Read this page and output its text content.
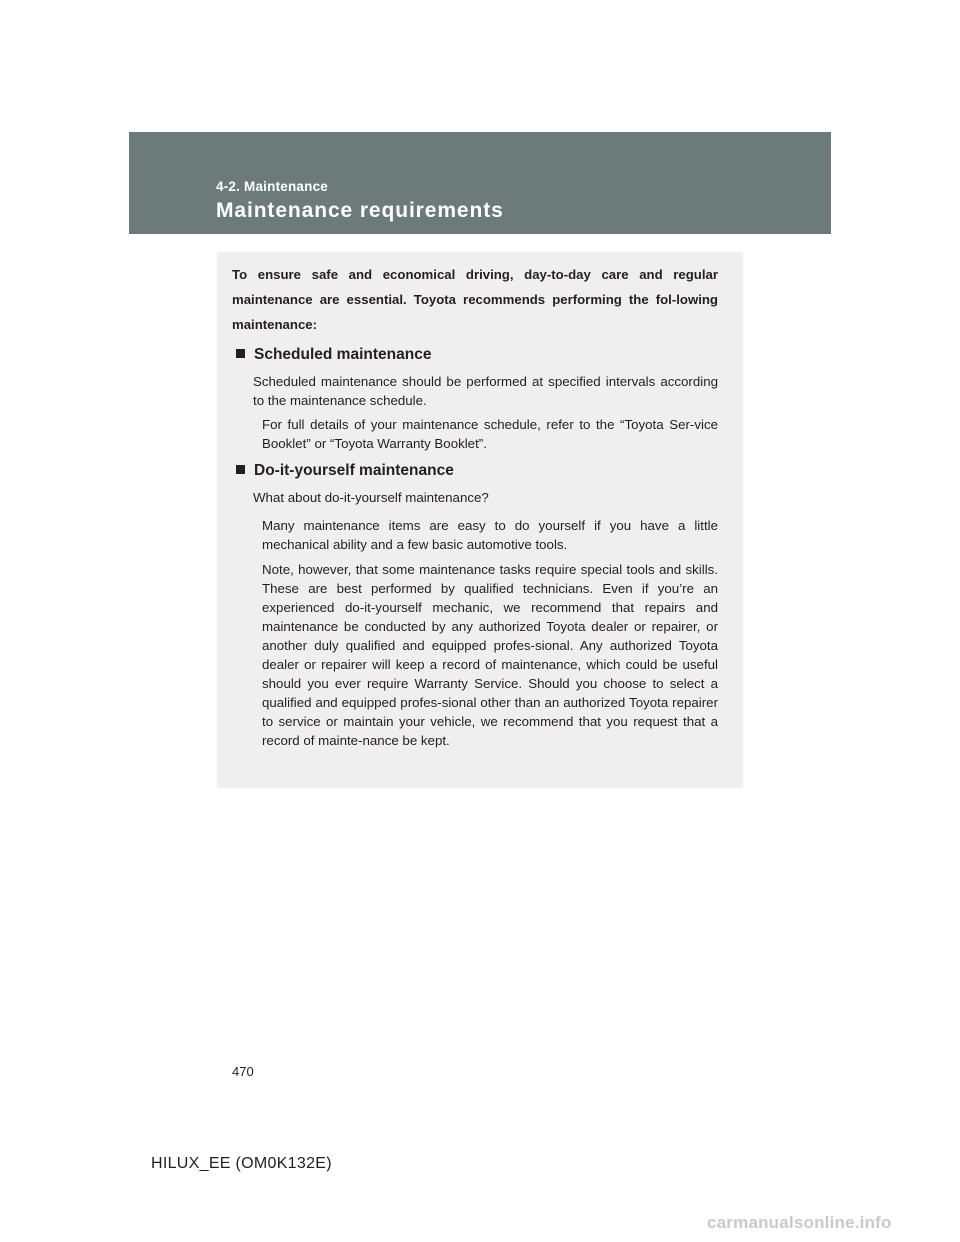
4-2. Maintenance
Maintenance requirements
To ensure safe and economical driving, day-to-day care and regular maintenance are essential. Toyota recommends performing the fol-lowing maintenance:
Scheduled maintenance
Scheduled maintenance should be performed at specified intervals according to the maintenance schedule.
For full details of your maintenance schedule, refer to the “Toyota Ser-vice Booklet” or “Toyota Warranty Booklet”.
Do-it-yourself maintenance
What about do-it-yourself maintenance?
Many maintenance items are easy to do yourself if you have a little mechanical ability and a few basic automotive tools.
Note, however, that some maintenance tasks require special tools and skills. These are best performed by qualified technicians. Even if you’re an experienced do-it-yourself mechanic, we recommend that repairs and maintenance be conducted by any authorized Toyota dealer or repairer, or another duly qualified and equipped profes-sional. Any authorized Toyota dealer or repairer will keep a record of maintenance, which could be useful should you ever require Warranty Service. Should you choose to select a qualified and equipped profes-sional other than an authorized Toyota repairer to service or maintain your vehicle, we recommend that you request that a record of mainte-nance be kept.
470
HILUX_EE (OM0K132E)
carmanualsonline.info
